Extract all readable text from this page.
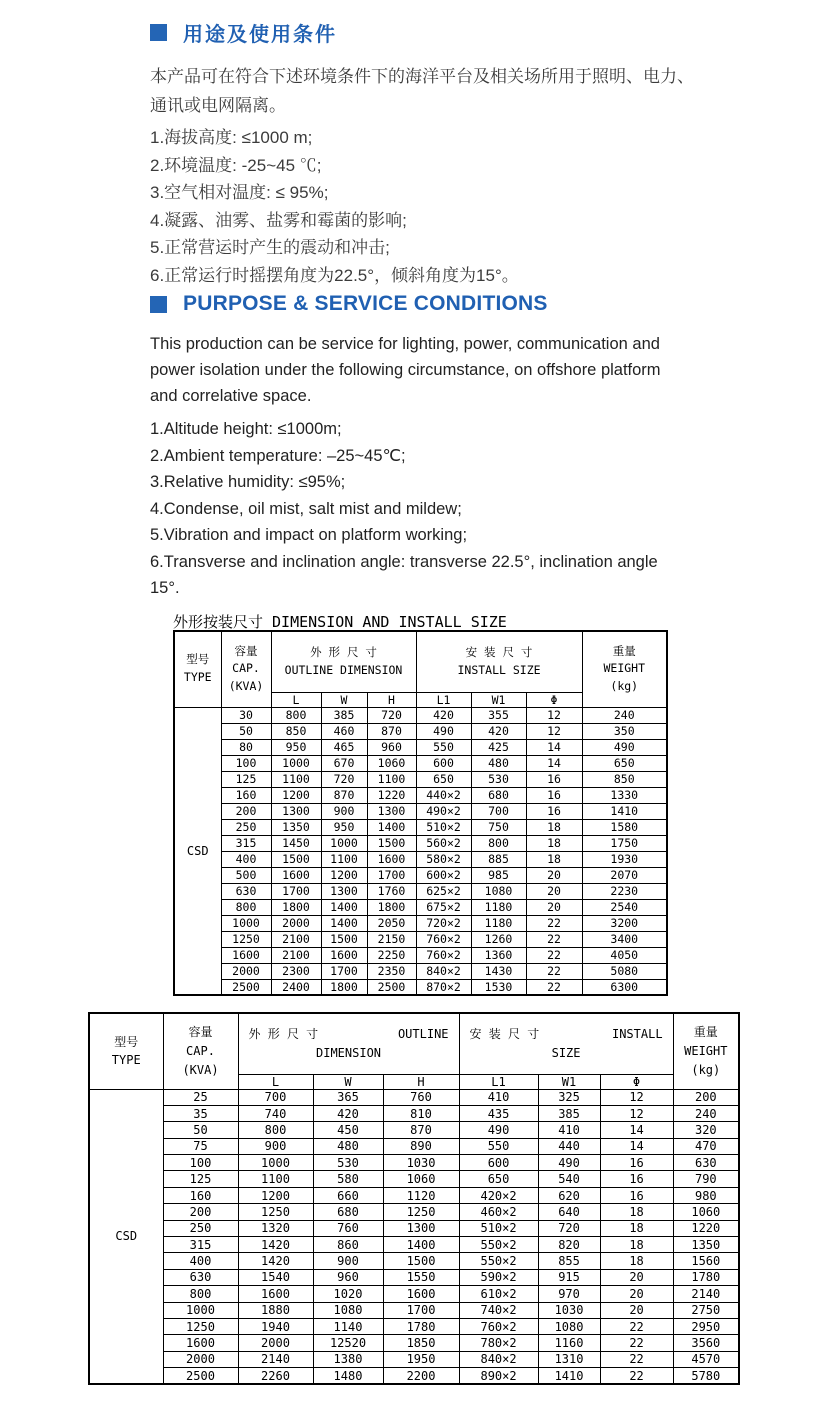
用途及使用条件
本产品可在符合下述环境条件下的海洋平台及相关场所用于照明、电力、通讯或电网隔离。
1.海拔高度: ≤1000 m;
2.环境温度: -25~45 ℃;
3.空气相对温度: ≤ 95%;
4.凝露、油雾、盐雾和霉菌的影响;
5.正常营运时产生的震动和冲击;
6.正常运行时摇摆角度为22.5°，倾斜角度为15°。
PURPOSE & SERVICE CONDITIONS
This production can be service for lighting, power, communication and power isolation under the following circumstance, on offshore platform and correlative space.
1.Altitude height: ≤1000m;
2.Ambient temperature: –25~45℃;
3.Relative humidity: ≤95%;
4.Condense, oil mist, salt mist and mildew;
5.Vibration and impact on platform working;
6.Transverse and inclination angle: transverse 22.5°, inclination angle 15°.
外形按装尺寸 DIMENSION AND INSTALL SIZE
型号
TYPE

容量
CAP.
(KVA)

外 形 尺 寸
OUTLINE DIMENSION

安 装 尺 寸
INSTALL SIZE

重量
WEIGHT
(kg)

		L	W	H	L1	W1	Φ	
CSD	30	800	385	720	420	355	12	240
	50	850	460	870	490	420	12	350
	80	950	465	960	550	425	14	490
	100	1000	670	1060	600	480	14	650
	125	1100	720	1100	650	530	16	850
	160	1200	870	1220	440×2	680	16	1330
	200	1300	900	1300	490×2	700	16	1410
	250	1350	950	1400	510×2	750	18	1580
	315	1450	1000	1500	560×2	800	18	1750
	400	1500	1100	1600	580×2	885	18	1930
	500	1600	1200	1700	600×2	985	20	2070
	630	1700	1300	1760	625×2	1080	20	2230
	800	1800	1400	1800	675×2	1180	20	2540
	1000	2000	1400	2050	720×2	1180	22	3200
	1250	2100	1500	2150	760×2	1260	22	3400
	1600	2100	1600	2250	760×2	1360	22	4050
	2000	2300	1700	2350	840×2	1430	22	5080
	2500	2400	1800	2500	870×2	1530	22	6300
型号
TYPE

容量
CAP.
(KVA)

外 形 尺 寸	OUTLINE
DIMENSION

安 装 尺 寸	INSTALL
SIZE

重量
WEIGHT
(kg)

		L	W	H	L1	W1	Φ	
CSD	25	700	365	760	410	325	12	200
	35	740	420	810	435	385	12	240
	50	800	450	870	490	410	14	320
	75	900	480	890	550	440	14	470
	100	1000	530	1030	600	490	16	630
	125	1100	580	1060	650	540	16	790
	160	1200	660	1120	420×2	620	16	980
	200	1250	680	1250	460×2	640	18	1060
	250	1320	760	1300	510×2	720	18	1220
	315	1420	860	1400	550×2	820	18	1350
	400	1420	900	1500	550×2	855	18	1560
	630	1540	960	1550	590×2	915	20	1780
	800	1600	1020	1600	610×2	970	20	2140
	1000	1880	1080	1700	740×2	1030	20	2750
	1250	1940	1140	1780	760×2	1080	22	2950
	1600	2000	12520	1850	780×2	1160	22	3560
	2000	2140	1380	1950	840×2	1310	22	4570
	2500	2260	1480	2200	890×2	1410	22	5780
